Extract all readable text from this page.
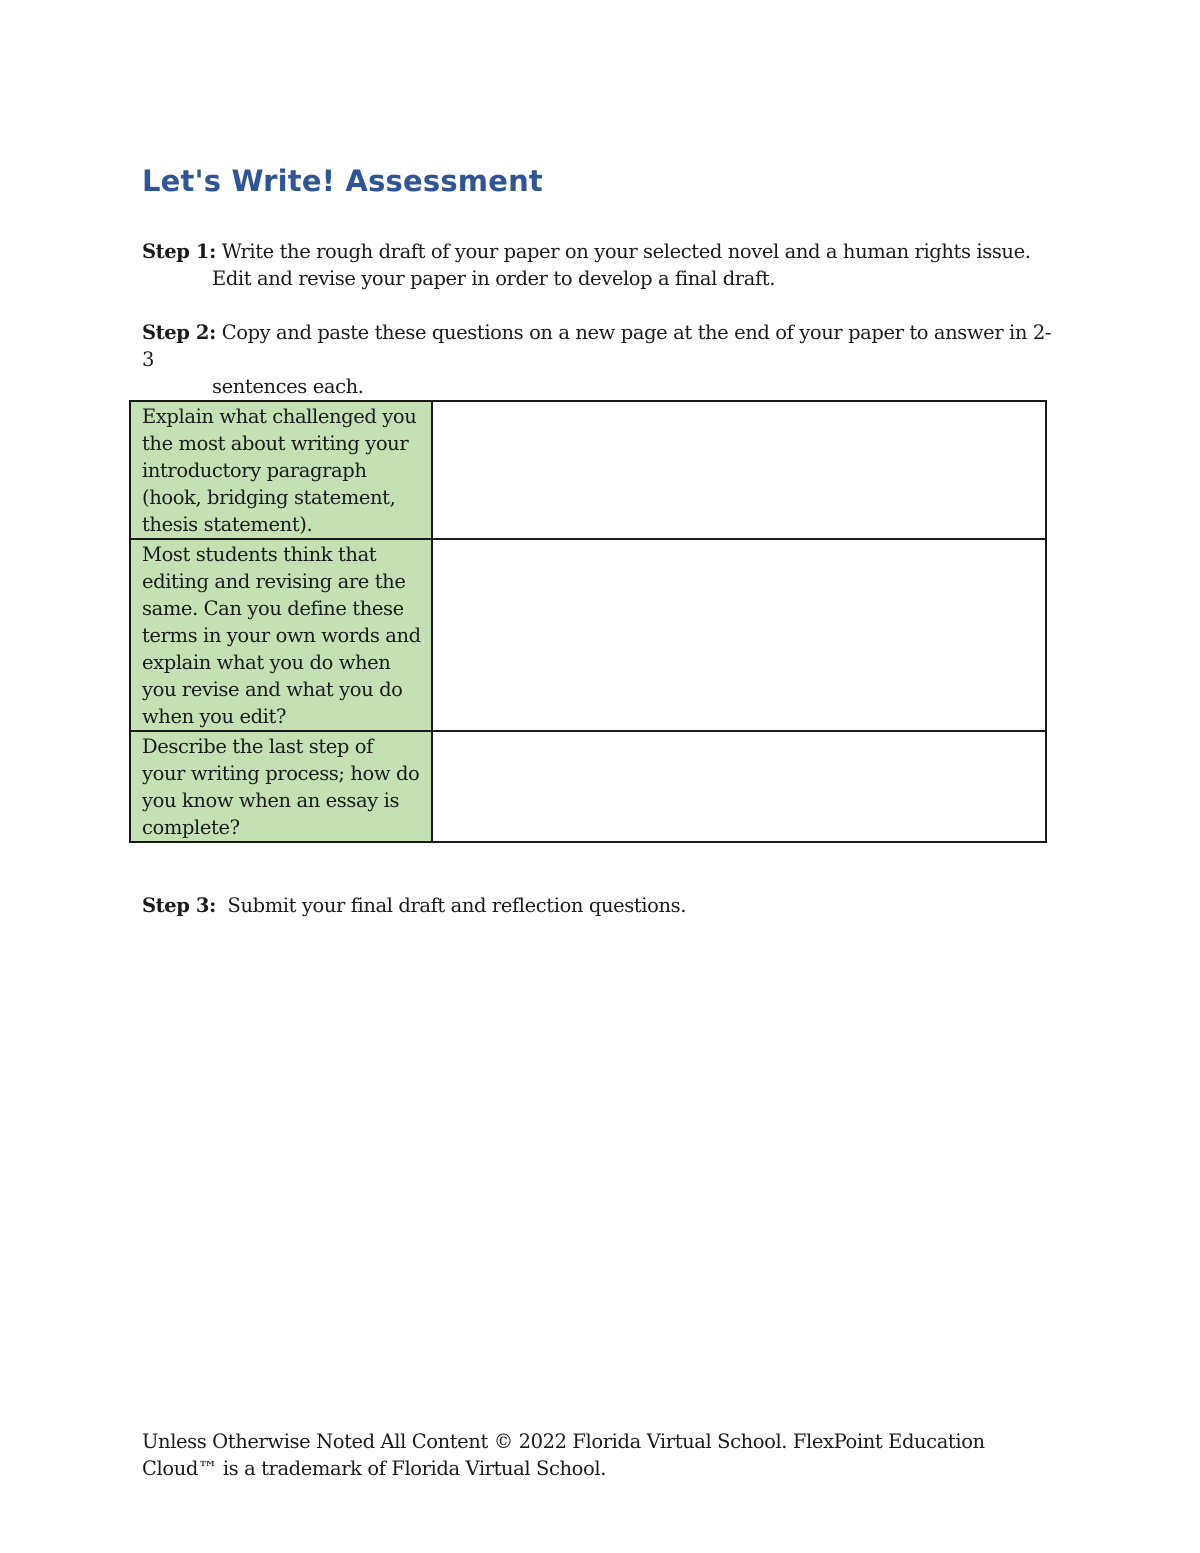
Let's Write! Assessment
Step 1: Write the rough draft of your paper on your selected novel and a human rights issue.
Edit and revise your paper in order to develop a final draft.
Step 2: Copy and paste these questions on a new page at the end of your paper to answer in 2-3
sentences each.
Explain what challenged you the most about writing your introductory paragraph (hook, bridging statement, thesis statement).	
Most students think that editing and revising are the same. Can you define these terms in your own words and explain what you do when you revise and what you do when you edit?	
Describe the last step of your writing process; how do you know when an essay is complete?	
Step 3: Submit your final draft and reflection questions.
Unless Otherwise Noted All Content © 2022 Florida Virtual School. FlexPoint Education Cloud™ is a trademark of Florida Virtual School.
